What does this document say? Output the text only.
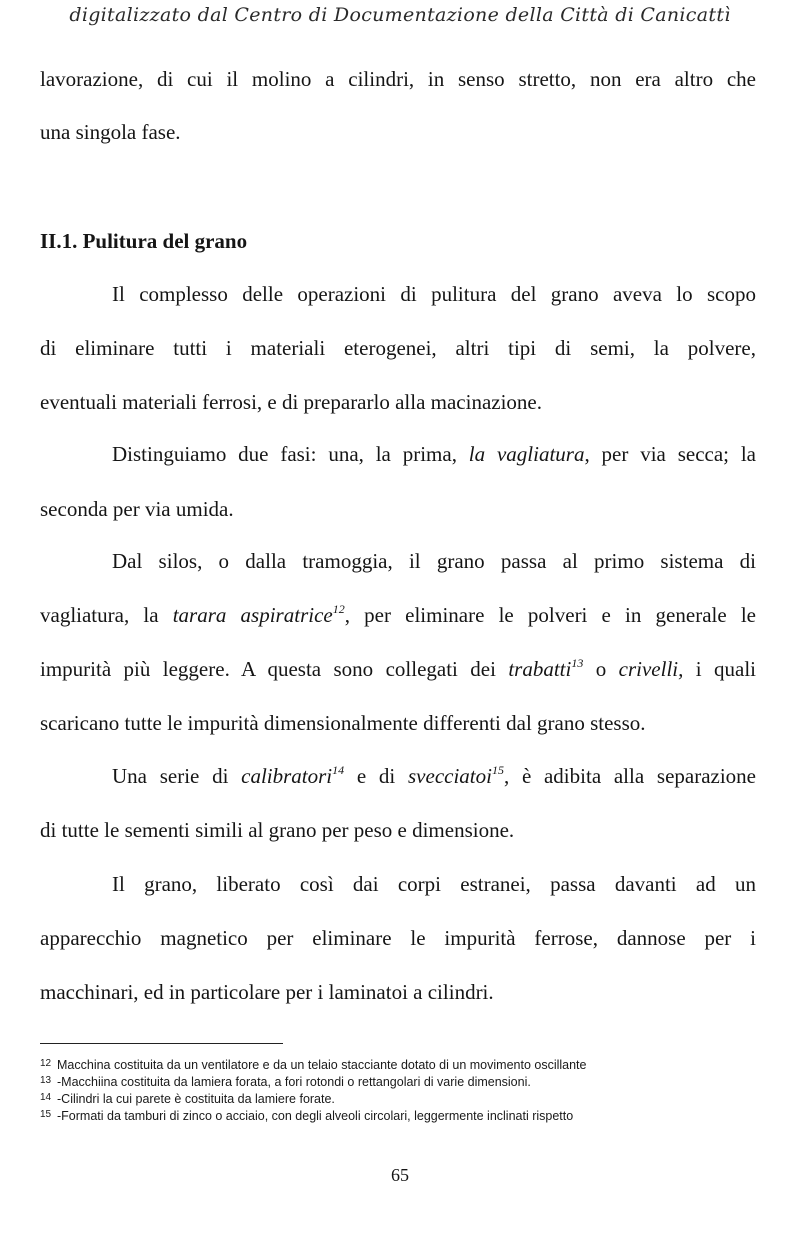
digitalizzato dal Centro di Documentazione della Città di Canicattì
lavorazione, di cui il molino a cilindri, in senso stretto, non era altro che
una singola fase.
II.1. Pulitura del grano
Il complesso delle operazioni di pulitura del grano aveva lo scopo
di eliminare tutti i materiali eterogenei, altri tipi di semi, la polvere,
eventuali materiali ferrosi, e di prepararlo alla macinazione.
Distinguiamo due fasi: una, la prima, la vagliatura, per via secca; la
seconda per via umida.
Dal silos, o dalla tramoggia, il grano passa al primo sistema di
vagliatura, la tarara aspiratrice$^{12}$, per eliminare le polveri e in generale le
impurità più leggere. A questa sono collegati dei trabatti$^{13}$ o crivelli, i quali
scaricano tutte le impurità dimensionalmente differenti dal grano stesso.
Una serie di calibratori$^{14}$ e di svecciatoi$^{15}$, è adibita alla separazione
di tutte le sementi simili al grano per peso e dimensione.
Il grano, liberato così dai corpi estranei, passa davanti ad un
apparecchio magnetico per eliminare le impurità ferrose, dannose per i
macchinari, ed in particolare per i laminatoi a cilindri.
12 Macchina costituita da un ventilatore e da un telaio stacciante dotato di un movimento oscillante
13 -Macchiina costituita da lamiera forata, a fori rotondi o rettangolari di varie dimensioni.
14 -Cilindri la cui parete è costituita da lamiere forate.
15 -Formati da tamburi di zinco o acciaio, con degli alveoli circolari, leggermente inclinati rispetto
65
